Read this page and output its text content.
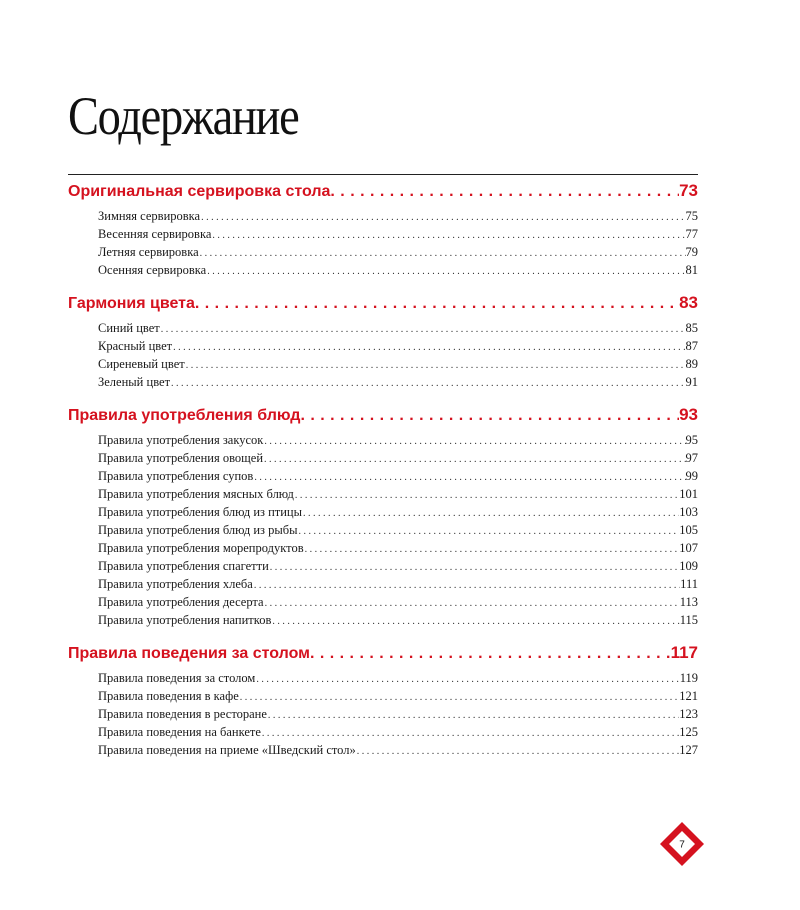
Содержание
Оригинальная сервировка стола . . .	73
Зимняя сервировка . . .	75
Весенняя сервировка . . .	77
Летняя сервировка . . .	79
Осенняя сервировка . . .	81
Гармония цвета . . .	83
Синий цвет . . .	85
Красный цвет . . .	87
Сиреневый цвет . . .	89
Зеленый цвет . . .	91
Правила употребления блюд . . .	93
Правила употребления закусок . . .	95
Правила употребления овощей . . .	97
Правила употребления супов . . .	99
Правила употребления мясных блюд . . .	101
Правила употребления блюд из птицы . . .	103
Правила употребления блюд из рыбы . . .	105
Правила употребления морепродуктов . . .	107
Правила употребления спагетти . . .	109
Правила употребления хлеба . . .	111
Правила употребления десерта . . .	113
Правила употребления напитков . . .	115
Правила поведения за столом . . .	117
Правила поведения за столом . . .	119
Правила поведения в кафе . . .	121
Правила поведения в ресторане . . .	123
Правила поведения на банкете . . .	125
Правила поведения на приеме «Шведский стол» . . .	127
7
